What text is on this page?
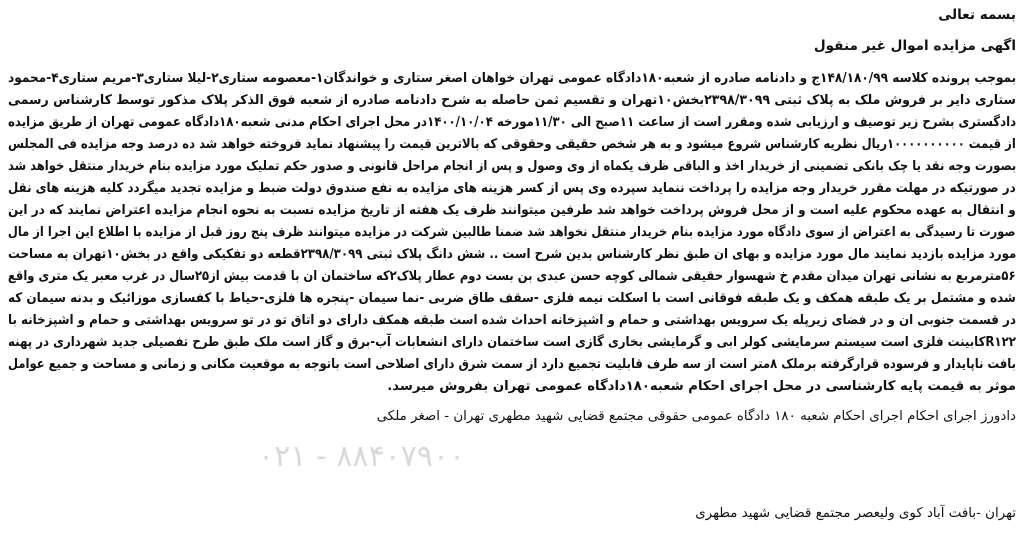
۰۲۱ - ۸۸۴۰۷۹۰۰
بسمه تعالی
اگهی مزایده اموال غیر منقول
بموجب پرونده کلاسه ۱۴۸/۱۸۰/۹۹ج و دادنامه صادره از شعبه۱۸۰دادگاه عمومی تهران خواهان اصغر ستاری و خواندگان۱-معصومه ستاری۲-لیلا ستاری۳-مریم ستاری۴-محمود
ستاری دایر بر فروش ملک به پلاک ثبتی ۲۳۹۸/۳۰۹۹بخش۱۰تهران و تقسیم ثمن حاصله به شرح دادنامه صادره از شعبه فوق الذکر پلاک مذکور توسط کارشناس رسمی
دادگستری بشرح زیر توصیف و ارزیابی شده ومقرر است از ساعت ۱۱صبح الی ۱۱/۳۰مورخه ۱۴۰۰/۱۰/۰۴در محل اجرای احکام مدنی شعبه۱۸۰دادگاه عمومی تهران از طریق مزایده
از قیمت ۱۰۰۰۰۰۰۰۰۰۰ریال نظریه کارشناس شروع میشود و به هر شخص حقیقی وحقوقی که بالاترین قیمت را پیشنهاد نماید فروخته خواهد شد ده درصد وجه مزایده فی المجلس
بصورت وجه نقد یا چک بانکی تضمینی از خریدار اخذ و الباقی ظرف یکماه از وی وصول و پس از انجام مراحل قانونی و صدور حکم تملیک مورد مزایده بنام خریدار منتقل خواهد شد
در صورتیکه در مهلت مقرر خریدار وجه مزایده را پرداخت ننماید سپرده وی پس از کسر هزینه های مزایده به نفع صندوق دولت ضبط و مزایده تجدید میگردد کلیه هزینه های نقل
و انتقال به عهده محکوم علیه است و از محل فروش پرداخت خواهد شد طرفین میتوانند ظرف یک هفته از تاریخ مزایده نسبت به نحوه انجام مزایده اعتراض نمایند که در این
صورت تا رسیدگی به اعتراض از سوی دادگاه مورد مزایده بنام خریدار منتقل نخواهد شد ضمنا طالبین شرکت در مزایده میتوانند ظرف پنج روز قبل از مزایده با اطلاع این اجرا از مال
مورد مزایده بازدید نمایند مال مورد مزایده و بهای ان طبق نظر کارشناس بدین شرح است .. شش دانگ پلاک ثبتی ۲۳۹۸/۳۰۹۹قطعه دو تفکیکی واقع در بخش۱۰تهران به مساحت
۵۶مترمربع به نشانی تهران میدان مقدم خ شهسوار حقیقی شمالی کوچه حسن عبدی بن بست دوم عطار پلاک۲که ساختمان ان با قدمت بیش از۲۵سال در غرب معبر یک متری واقع
شده و مشتمل بر یک طبقه همکف و یک طبقه فوقانی است با اسکلت نیمه فلزی -سقف طاق ضربی -نما سیمان -پنجره ها فلزی-حیاط با کفسازی موزائیک و بدنه سیمان که
در قسمت جنوبی ان و در فضای زیرپله یک سرویس بهداشتی و حمام و اشپزخانه احداث شده است طبقه همکف دارای دو اتاق تو در تو سرویس بهداشتی و حمام و اشپزخانه با
R۱۲۲کابینت فلزی است سیستم سرمایشی کولر ابی و گرمایشی بخاری گازی است ساختمان دارای انشعابات آب-برق و گاز است ملک طبق طرح تفصیلی جدید شهرداری در پهنه
بافت ناپایدار و فرسوده قرارگرفته برملک ۸متر است از سه طرف قابلیت تجمیع دارد از سمت شرق دارای اصلاحی است باتوجه به موقعیت مکانی و زمانی و مساحت و جمیع عوامل
موثر به قیمت پایه کارشناسی در محل اجرای احکام شعبه۱۸۰دادگاه عمومی تهران بفروش میرسد.
دادورز اجرای احکام اجرای احکام شعبه ۱۸۰ دادگاه عمومی حقوقی مجتمع قضایی شهید مطهری تهران - اصغر ملکی
تهران -بافت آباد کوی ولیعصر مجتمع قضایی شهید مطهری
